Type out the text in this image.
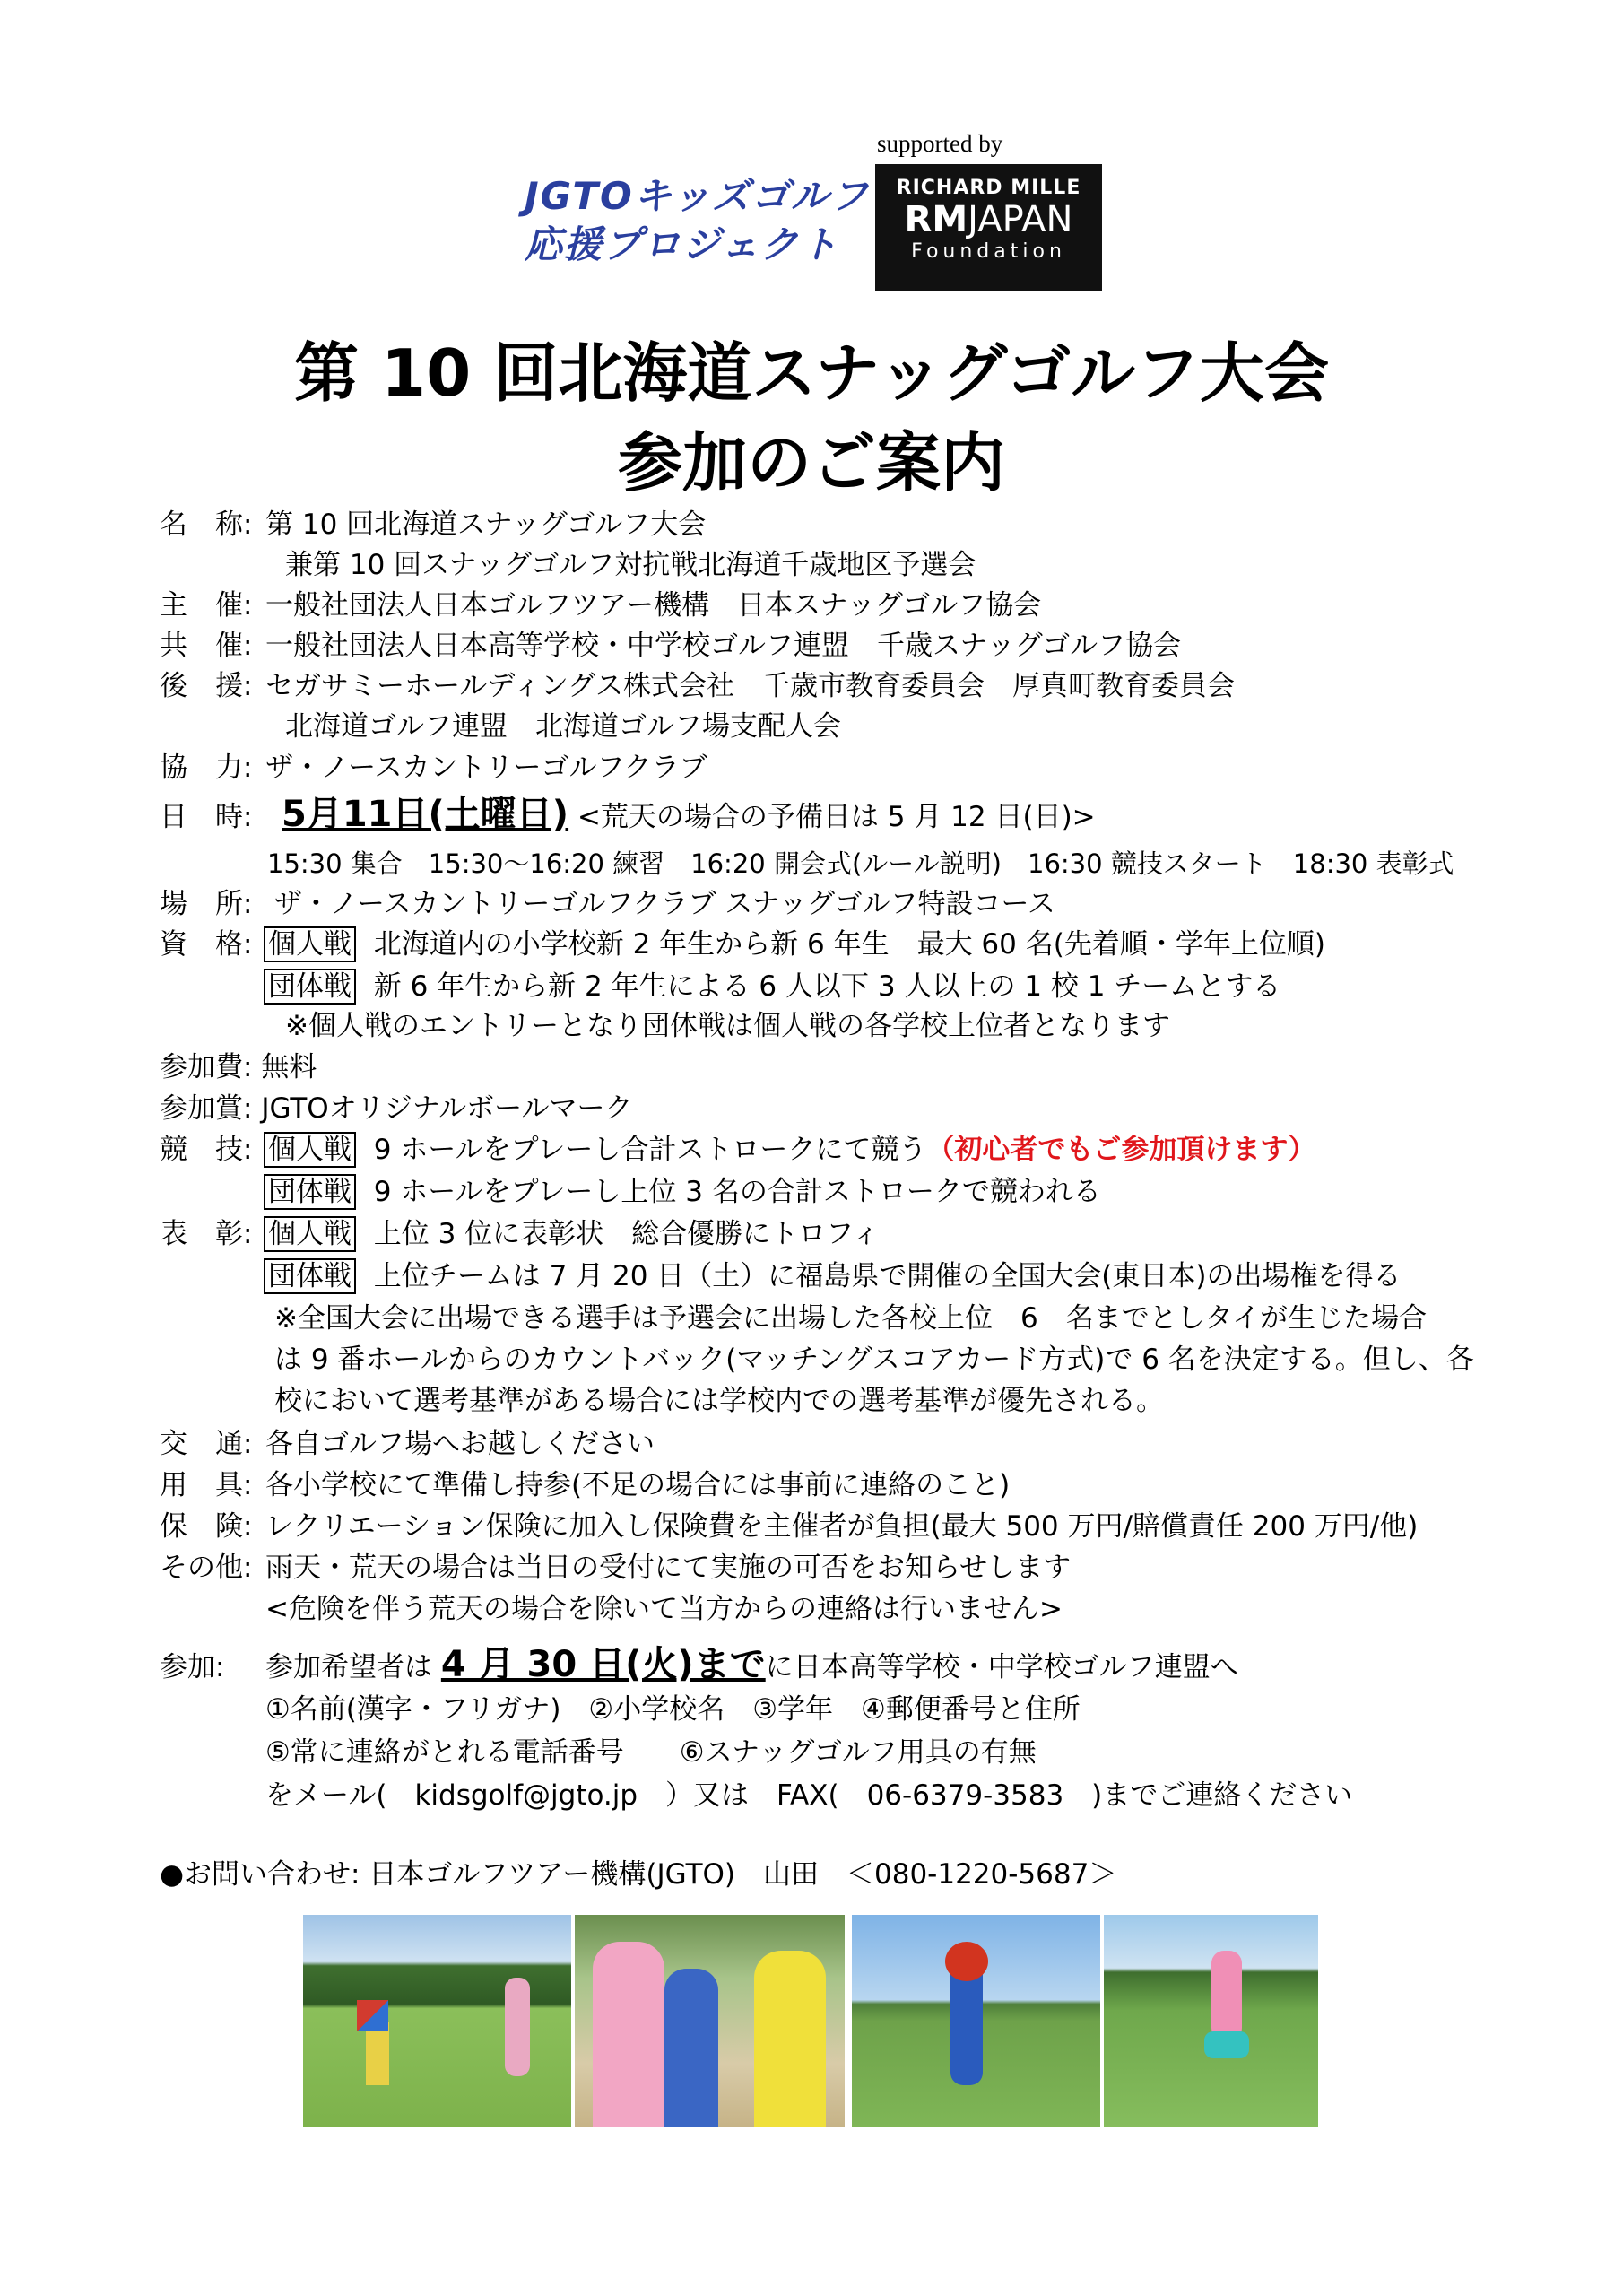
JGTOキッズゴルフ
応援プロジェクト
supported by
RICHARD MILLE
RMJAPAN
Foundation
第 10 回北海道スナッグゴルフ大会
参加のご案内
名　称: 第 10 回北海道スナッグゴルフ大会
兼第 10 回スナッグゴルフ対抗戦北海道千歳地区予選会
主　催: 一般社団法人日本ゴルフツアー機構　日本スナッグゴルフ協会
共　催: 一般社団法人日本高等学校・中学校ゴルフ連盟　千歳スナッグゴルフ協会
後　援: セガサミーホールディングス株式会社　千歳市教育委員会　厚真町教育委員会
北海道ゴルフ連盟　北海道ゴルフ場支配人会
協　力: ザ・ノースカントリーゴルフクラブ
日　時: 5月11日(土曜日) <荒天の場合の予備日は 5 月 12 日(日)>
15:30 集合　15:30～16:20 練習　16:20 開会式(ルール説明)　16:30 競技スタート　18:30 表彰式
場　所: ザ・ノースカントリーゴルフクラブ スナッグゴルフ特設コース
資　格: 個人戦 北海道内の小学校新 2 年生から新 6 年生　最大 60 名(先着順・学年上位順)
団体戦 新 6 年生から新 2 年生による 6 人以下 3 人以上の 1 校 1 チームとする
※個人戦のエントリーとなり団体戦は個人戦の各学校上位者となります
参加費: 無料
参加賞: JGTOオリジナルボールマーク
競　技: 個人戦 9 ホールをプレーし合計ストロークにて競う（初心者でもご参加頂けます）
団体戦 9 ホールをプレーし上位 3 名の合計ストロークで競われる
表　彰: 個人戦 上位 3 位に表彰状　総合優勝にトロフィ
団体戦 上位チームは 7 月 20 日（土）に福島県で開催の全国大会(東日本)の出場権を得る
※全国大会に出場できる選手は予選会に出場した各校上位　6　名までとしタイが生じた場合
は 9 番ホールからのカウントバック(マッチングスコアカード方式)で 6 名を決定する。但し、各
校において選考基準がある場合には学校内での選考基準が優先される。
交　通: 各自ゴルフ場へお越しください
用　具: 各小学校にて準備し持参(不足の場合には事前に連絡のこと)
保　険: レクリエーション保険に加入し保険費を主催者が負担(最大 500 万円/賠償責任 200 万円/他)
その他: 雨天・荒天の場合は当日の受付にて実施の可否をお知らせします
<危険を伴う荒天の場合を除いて当方からの連絡は行いません>
参加: 参加希望者は 4 月 30 日(火)までに日本高等学校・中学校ゴルフ連盟へ
①名前(漢字・フリガナ)　②小学校名　③学年　④郵便番号と住所
⑤常に連絡がとれる電話番号　　⑥スナッグゴルフ用具の有無
をメール(　kidsgolf@jgto.jp　）又は　FAX(　06-6379-3583　)までご連絡ください
●お問い合わせ: 日本ゴルフツアー機構(JGTO)　山田　＜080-1220-5687＞
